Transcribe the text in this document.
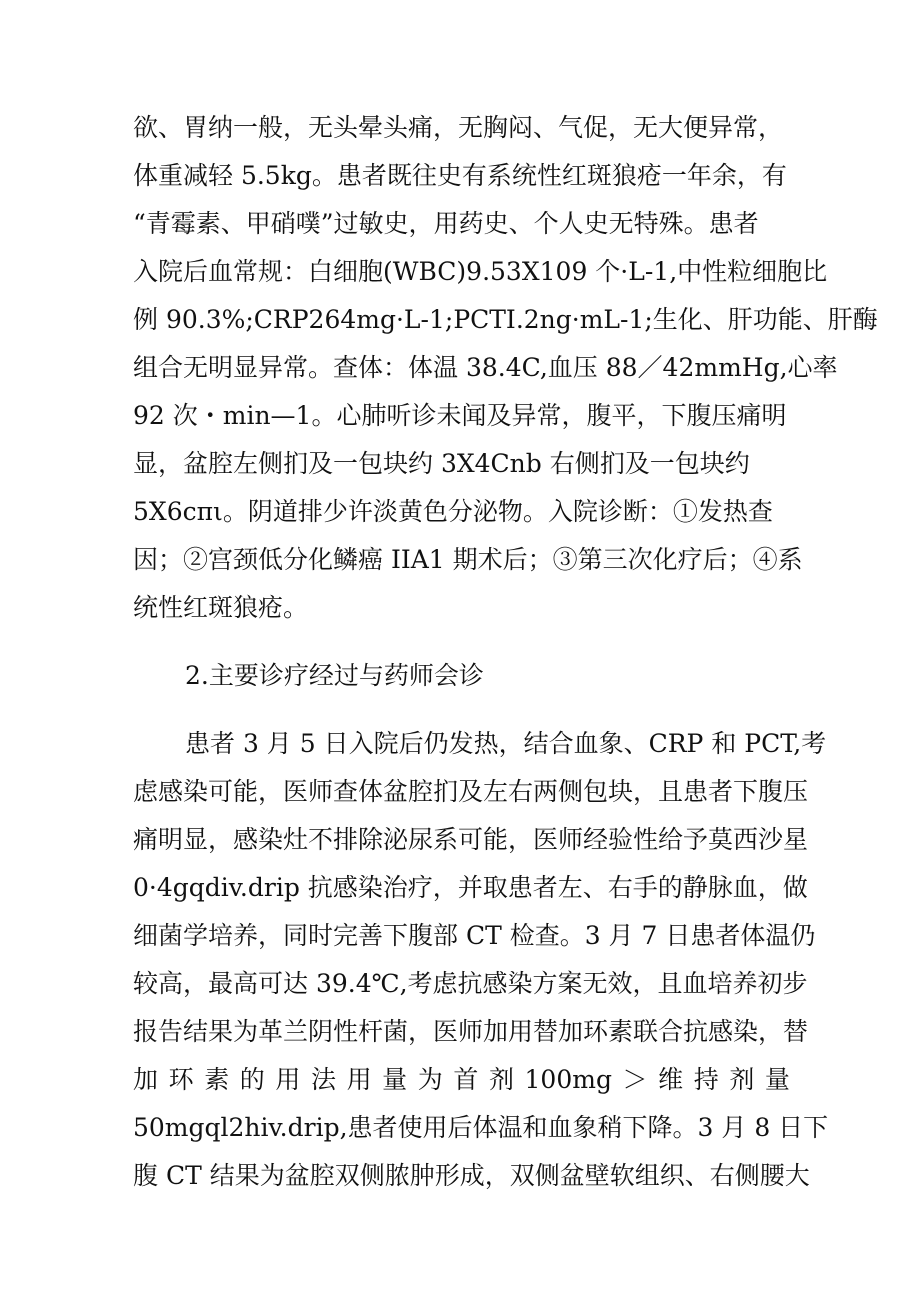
欲、胃纳一般，无头晕头痛，无胸闷、气促，无大便异常，
体重减轻 5.5kg。患者既往史有系统性红斑狼疮一年余，有
“青霉素、甲硝噗”过敏史，用药史、个人史无特殊。患者
入院后血常规：白细胞(WBC)9.53X109 个·L-1,中性粒细胞比
例 90.3%;CRP264mg·L-1;PCTI.2ng·mL-1;生化、肝功能、肝酶
组合无明显异常。查体：体温 38.4C,血压 88／42mmHg,心率
92 次・min—1。心肺听诊未闻及异常，腹平，下腹压痛明
显，盆腔左侧扪及一包块约 3X4Cnb 右侧扪及一包块约
5X6cπι。阴道排少许淡黄色分泌物。入院诊断：①发热查
因；②宫颈低分化鳞癌 IIA1 期术后；③第三次化疗后；④系
统性红斑狼疮。
2.主要诊疗经过与药师会诊
患者 3 月 5 日入院后仍发热，结合血象、CRP 和 PCT,考
虑感染可能，医师查体盆腔扪及左右两侧包块，且患者下腹压
痛明显，感染灶不排除泌尿系可能，医师经验性给予莫西沙星
0·4gqdiv.drip 抗感染治疗，并取患者左、右手的静脉血，做
细菌学培养，同时完善下腹部 CT 检查。3 月 7 日患者体温仍
较高，最高可达 39.4℃,考虑抗感染方案无效，且血培养初步
报告结果为革兰阴性杆菌，医师加用替加环素联合抗感染，替
加 环 素 的 用 法 用 量 为 首 剂 100mg ＞ 维 持 剂 量
50mgql2hiv.drip,患者使用后体温和血象稍下降。3 月 8 日下
腹 CT 结果为盆腔双侧脓肿形成，双侧盆壁软组织、右侧腰大
